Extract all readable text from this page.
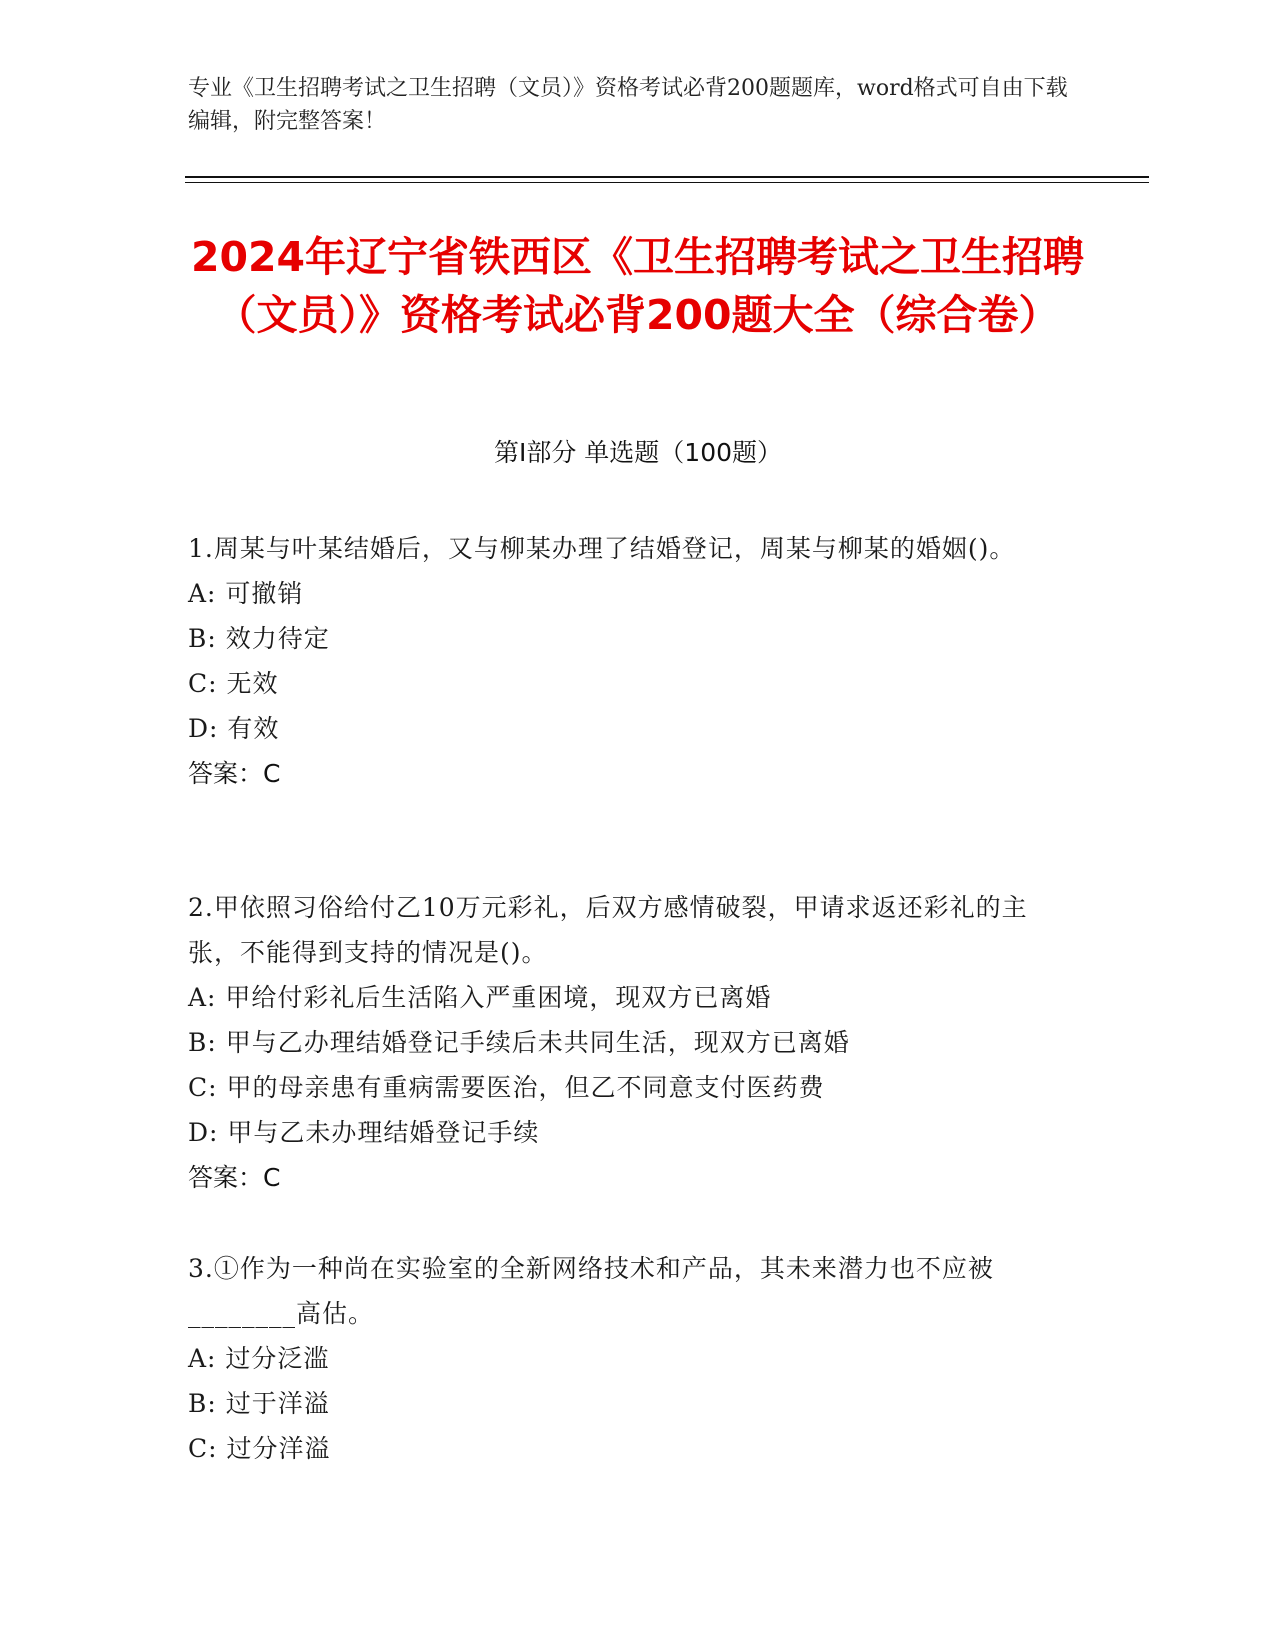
专业《卫生招聘考试之卫生招聘（文员）》资格考试必背200题题库，word格式可自由下载编辑，附完整答案！
2024年辽宁省铁西区《卫生招聘考试之卫生招聘（文员）》资格考试必背200题大全（综合卷）
第I部分 单选题（100题）
1.周某与叶某结婚后，又与柳某办理了结婚登记，周某与柳某的婚姻()。
A: 可撤销
B: 效力待定
C: 无效
D: 有效
答案：C
2.甲依照习俗给付乙10万元彩礼，后双方感情破裂，甲请求返还彩礼的主张，不能得到支持的情况是()。
A: 甲给付彩礼后生活陷入严重困境，现双方已离婚
B: 甲与乙办理结婚登记手续后未共同生活，现双方已离婚
C: 甲的母亲患有重病需要医治，但乙不同意支付医药费
D: 甲与乙未办理结婚登记手续
答案：C
3.①作为一种尚在实验室的全新网络技术和产品，其未来潜力也不应被________高估。
A: 过分泛滥
B: 过于洋溢
C: 过分洋溢
